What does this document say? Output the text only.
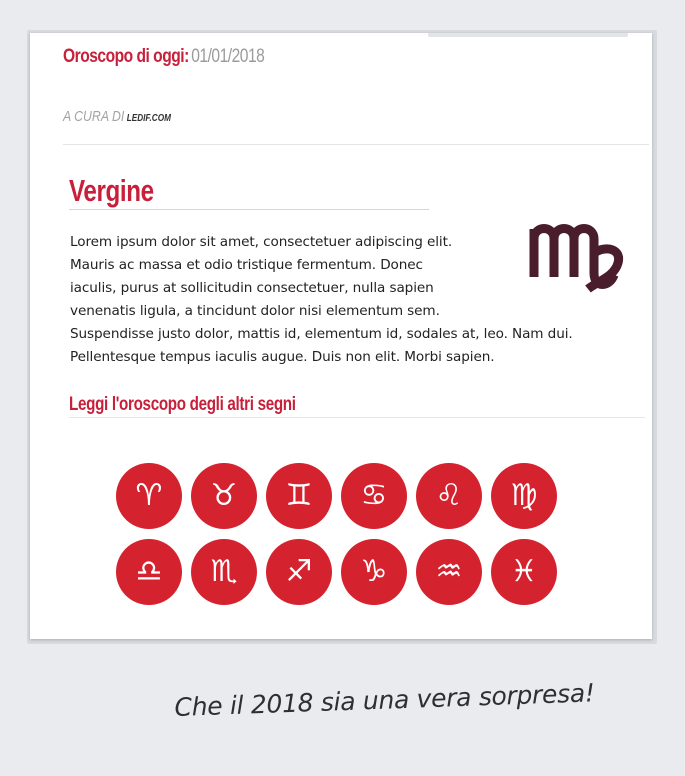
Oroscopo di oggi: 01/01/2018
A CURA DI LEDIF.COM
Vergine

Lorem ipsum dolor sit amet, consectetuer adipiscing elit.

Mauris ac massa et odio tristique fermentum. Donec

iaculis, purus at sollicitudin consectetuer, nulla sapien

venenatis ligula, a tincidunt dolor nisi elementum sem.

Suspendisse justo dolor, mattis id, elementum id, sodales at, leo. Nam dui. Pellentesque tempus iaculis augue. Duis non elit. Morbi sapien.

Leggi l'oroscopo degli altri segni
♈ ♉ ♊ ♋ ♌ ♍
♎ ♏ ♐ ♑ ♒ ♓
Che il 2018 sia una vera sorpresa!
